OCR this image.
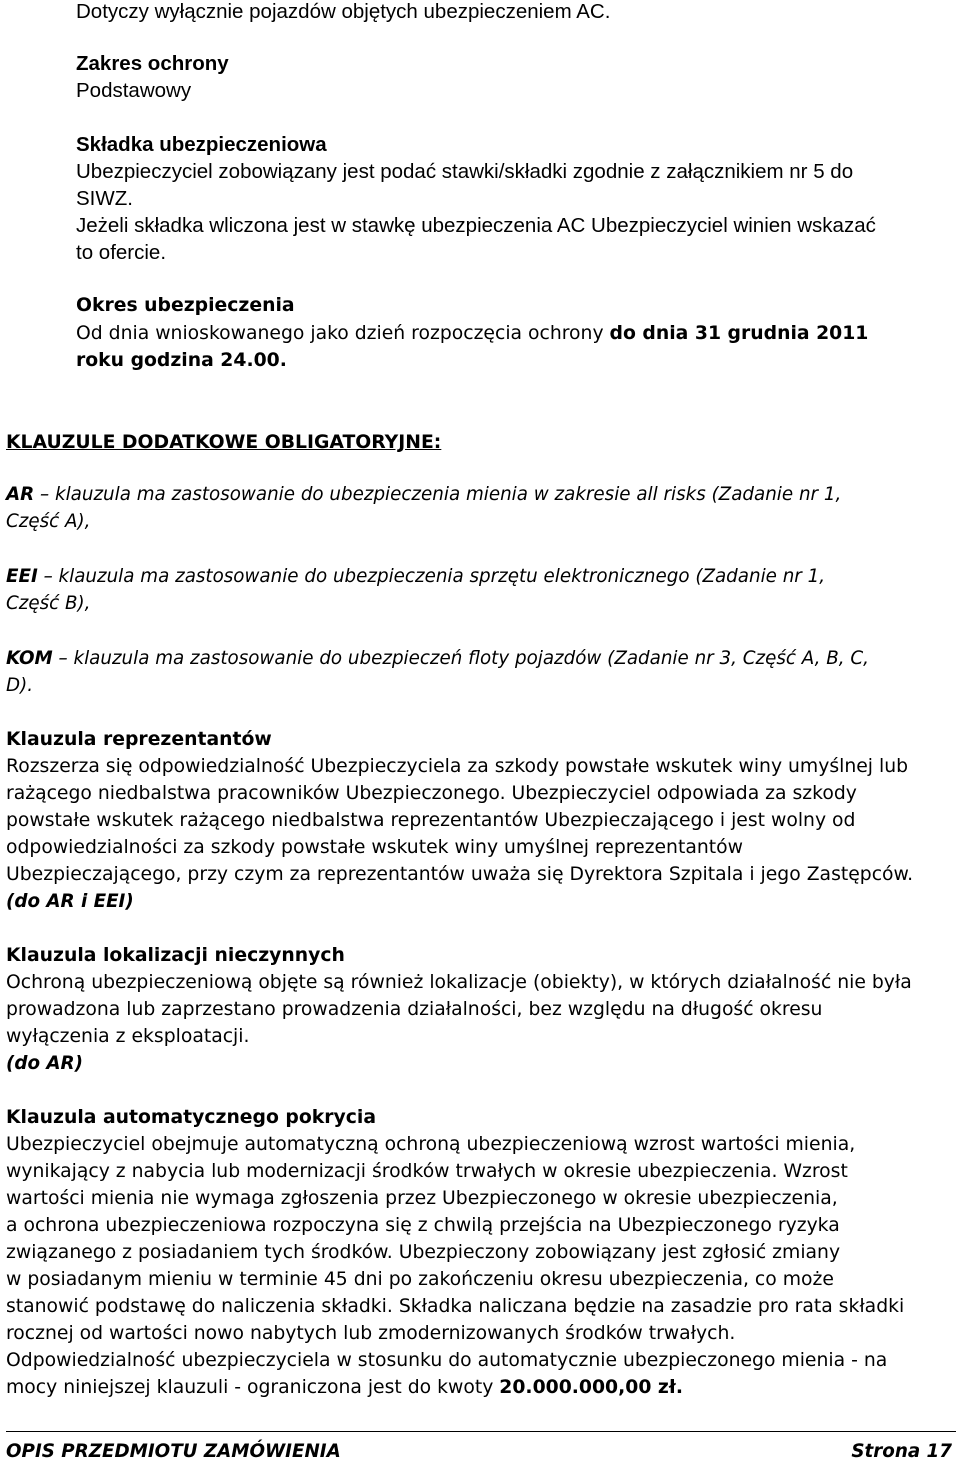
Dotyczy wyłącznie pojazdów objętych ubezpieczeniem AC.

Zakres ochrony

Podstawowy

Składka ubezpieczeniowa

Ubezpieczyciel zobowiązany jest podać stawki/składki zgodnie z załącznikiem nr 5 do

SIWZ.

Jeżeli składka wliczona jest w stawkę ubezpieczenia AC Ubezpieczyciel winien wskazać

to ofercie.

Okres ubezpieczenia

Od dnia wnioskowanego jako dzień rozpoczęcia ochrony do dnia 31 grudnia 2011

roku godzina 24.00.

KLAUZULE DODATKOWE OBLIGATORYJNE:

AR – klauzula ma zastosowanie do ubezpieczenia mienia w zakresie all risks (Zadanie nr 1,

Część A),

EEI – klauzula ma zastosowanie do ubezpieczenia sprzętu elektronicznego (Zadanie nr 1,

Część B),

KOM – klauzula ma zastosowanie do ubezpieczeń floty pojazdów (Zadanie nr 3, Część A, B, C,

D).

Klauzula reprezentantów

Rozszerza się odpowiedzialność Ubezpieczyciela za szkody powstałe wskutek winy umyślnej lub

rażącego niedbalstwa pracowników Ubezpieczonego. Ubezpieczyciel odpowiada za szkody

powstałe wskutek rażącego niedbalstwa reprezentantów Ubezpieczającego i jest wolny od

odpowiedzialności za szkody powstałe wskutek winy umyślnej reprezentantów

Ubezpieczającego, przy czym za reprezentantów uważa się Dyrektora Szpitala i jego Zastępców.

(do AR i EEI)

Klauzula lokalizacji nieczynnych

Ochroną ubezpieczeniową objęte są również lokalizacje (obiekty), w których działalność nie była

prowadzona lub zaprzestano prowadzenia działalności, bez względu na długość okresu

wyłączenia z eksploatacji.

(do AR)

Klauzula automatycznego pokrycia

Ubezpieczyciel obejmuje automatyczną ochroną ubezpieczeniową wzrost wartości mienia,

wynikający z nabycia lub modernizacji środków trwałych w okresie ubezpieczenia. Wzrost

wartości mienia nie wymaga zgłoszenia przez Ubezpieczonego w okresie ubezpieczenia,

a ochrona ubezpieczeniowa rozpoczyna się z chwilą przejścia na Ubezpieczonego ryzyka

związanego z posiadaniem tych środków. Ubezpieczony zobowiązany jest zgłosić zmiany

w posiadanym mieniu w terminie 45 dni po zakończeniu okresu ubezpieczenia, co może

stanowić podstawę do naliczenia składki. Składka naliczana będzie na zasadzie pro rata składki

rocznej od wartości nowo nabytych lub zmodernizowanych środków trwałych.

Odpowiedzialność ubezpieczyciela w stosunku do automatycznie ubezpieczonego mienia - na

mocy niniejszej klauzuli - ograniczona jest do kwoty 20.000.000,00 zł.

OPIS PRZEDMIOTU ZAMÓWIENIA	Strona 17
